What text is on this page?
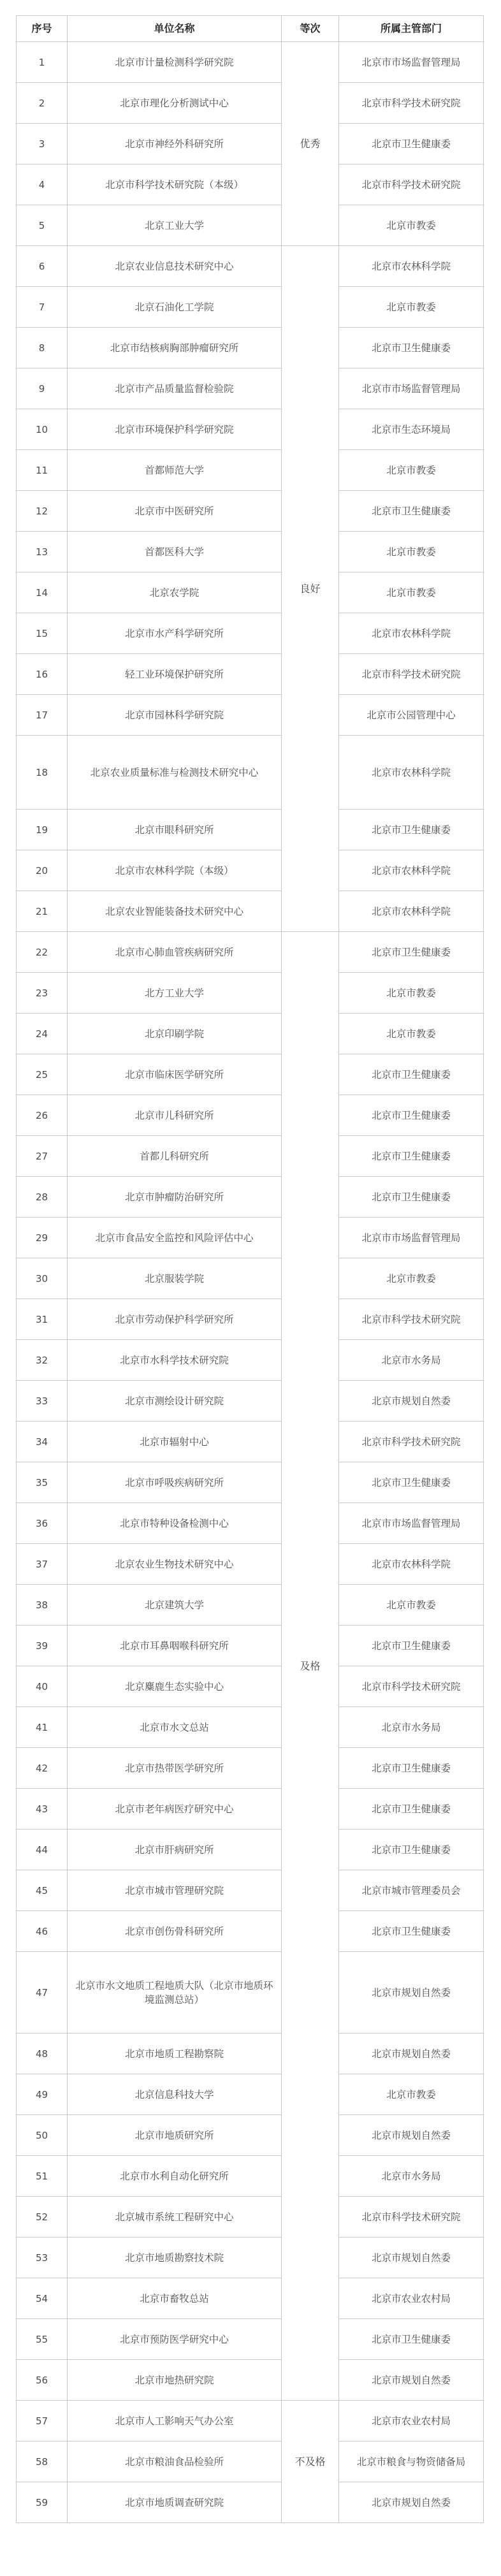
序号	单位名称	等次	所属主管部门
1	北京市计量检测科学研究院	优秀	北京市市场监督管理局
2	北京市理化分析测试中心		北京市科学技术研究院
3	北京市神经外科研究所		北京市卫生健康委
4	北京市科学技术研究院（本级）		北京市科学技术研究院
5	北京工业大学		北京市教委
6	北京农业信息技术研究中心	良好	北京市农林科学院
7	北京石油化工学院		北京市教委
8	北京市结核病胸部肿瘤研究所		北京市卫生健康委
9	北京市产品质量监督检验院		北京市市场监督管理局
10	北京市环境保护科学研究院		北京市生态环境局
11	首都师范大学		北京市教委
12	北京市中医研究所		北京市卫生健康委
13	首都医科大学		北京市教委
14	北京农学院		北京市教委
15	北京市水产科学研究所		北京市农林科学院
16	轻工业环境保护研究所		北京市科学技术研究院
17	北京市园林科学研究院		北京市公园管理中心
18	北京农业质量标准与检测技术研究中心		北京市农林科学院
19	北京市眼科研究所		北京市卫生健康委
20	北京市农林科学院（本级）		北京市农林科学院
21	北京农业智能装备技术研究中心		北京市农林科学院
22	北京市心肺血管疾病研究所	及格	北京市卫生健康委
23	北方工业大学		北京市教委
24	北京印刷学院		北京市教委
25	北京市临床医学研究所		北京市卫生健康委
26	北京市儿科研究所		北京市卫生健康委
27	首都儿科研究所		北京市卫生健康委
28	北京市肿瘤防治研究所		北京市卫生健康委
29	北京市食品安全监控和风险评估中心		北京市市场监督管理局
30	北京服装学院		北京市教委
31	北京市劳动保护科学研究所		北京市科学技术研究院
32	北京市水科学技术研究院		北京市水务局
33	北京市测绘设计研究院		北京市规划自然委
34	北京市辐射中心		北京市科学技术研究院
35	北京市呼吸疾病研究所		北京市卫生健康委
36	北京市特种设备检测中心		北京市市场监督管理局
37	北京农业生物技术研究中心		北京市农林科学院
38	北京建筑大学		北京市教委
39	北京市耳鼻咽喉科研究所		北京市卫生健康委
40	北京麋鹿生态实验中心		北京市科学技术研究院
41	北京市水文总站		北京市水务局
42	北京市热带医学研究所		北京市卫生健康委
43	北京市老年病医疗研究中心		北京市卫生健康委
44	北京市肝病研究所		北京市卫生健康委
45	北京市城市管理研究院		北京市城市管理委员会
46	北京市创伤骨科研究所		北京市卫生健康委
47	北京市水文地质工程地质大队（北京市地质环境监测总站）		北京市规划自然委
48	北京市地质工程勘察院		北京市规划自然委
49	北京信息科技大学		北京市教委
50	北京市地质研究所		北京市规划自然委
51	北京市水利自动化研究所		北京市水务局
52	北京城市系统工程研究中心		北京市科学技术研究院
53	北京市地质勘察技术院		北京市规划自然委
54	北京市畜牧总站		北京市农业农村局
55	北京市预防医学研究中心		北京市卫生健康委
56	北京市地热研究院		北京市规划自然委
57	北京市人工影响天气办公室	不及格	北京市农业农村局
58	北京市粮油食品检验所		北京市粮食与物资储备局
59	北京市地质调查研究院		北京市规划自然委
